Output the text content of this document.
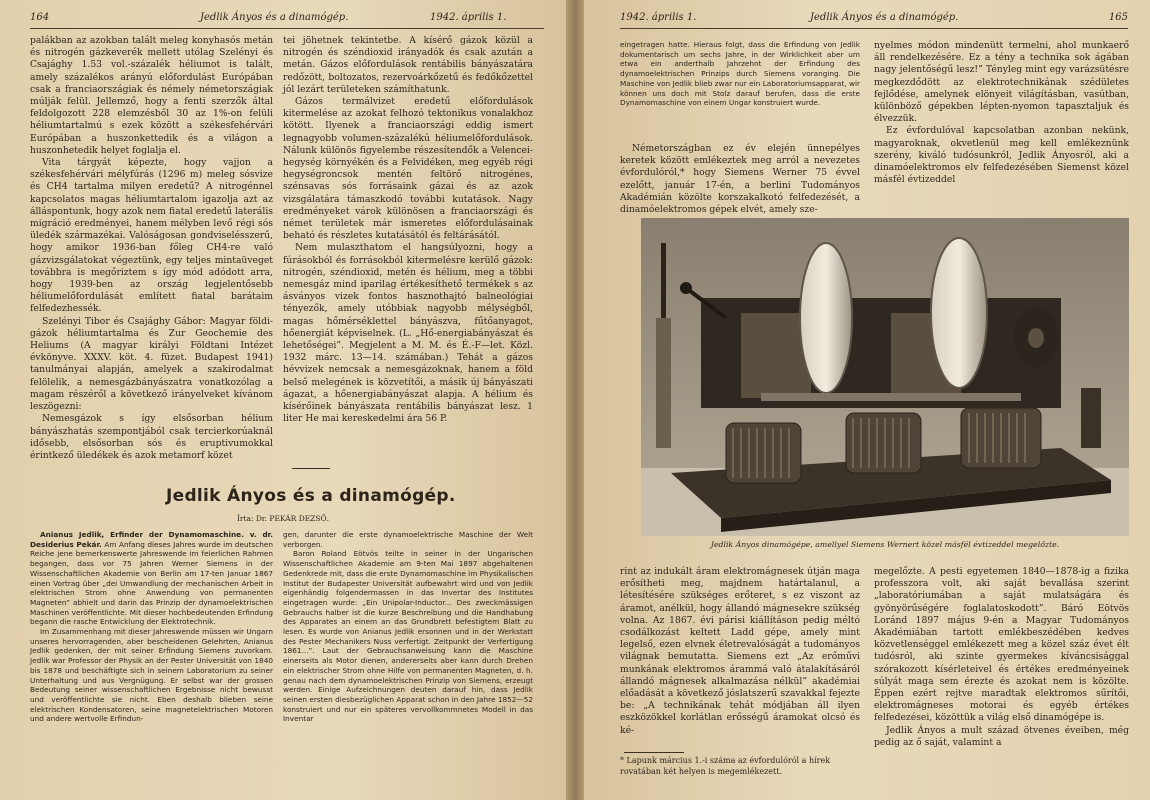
164	Jedlik Ányos és a dinamógép.	1942. április 1.

palákban az azokban talált meleg konyhasós metán és nitrogén gázkeverék mellett utólag Szelényi és Csajághy 1.53 vol.-százalék héliumot is talált, amely százalékos arányú előfordulást Európában csak a franciaországiak és némely németországiak múlják felül. Jellemző, hogy a fenti szerzők által feldolgozott 228 elemzésből 30 az 1%-on felüli héliumtartalmú s ezek között a székesfehérvári Európában a huszonkettedik és a világon a huszonhetedik helyet foglalja el.

Vita tárgyát képezte, hogy vajjon a székesfehérvári mélyfúrás (1296 m) meleg sósvize és CH4 tartalma milyen eredetű? A nitrogénnel kapcsolatos magas héliumtartalom igazolja azt az álláspontunk, hogy azok nem fiatal eredetű laterális migráció eredményei, hanem mélyben levő régi sós üledék származékai. Valóságosan gondviselésszerű, hogy amikor 1936-ban főleg CH4-re való gázvizsgálatokat végeztünk, egy teljes mintaüveget továbbra is megőriztem s így mód adódott arra, hogy 1939-ben az ország legjelentősebb héliumelőfordulását említett fiatal barátaim felfedezhessék.

Szelényi Tibor és Csajághy Gábor: Magyar földi-gázok héliumtartalma és Zur Geochemie des Heliums (A magyar királyi Földtani Intézet évkönyve. XXXV. köt. 4. füzet. Budapest 1941) tanulmányai alapján, amelyek a szakirodalmat felölelik, a nemesgázbányászatra vonatkozólag a magam részéről a következő irányelveket kívánom leszögezni:

Nemesgázok s így elsősorban hélium bányászhatás szempontjából csak tercierkorúaknál idősebb, elsősorban sós és eruptivumokkal érintkező üledékek és azok metamorf közet

tei jöhetnek tekintetbe. A kísérő gázok közül a nitrogén és széndioxid irányadók és csak azután a metán. Gázos előfordulások rentábilis bányászatára redőzött, boltozatos, rezervoárkőzetű és fedőkőzettel jól lezárt területeken számíthatunk.

Gázos termálvizet eredetű előfordulások kitermelése az azokat felhozó tektonikus vonalakhoz kötött. Ilyenek a franciaországi eddig ismert legnagyobb volumen-százalékú héliumelőfordulások. Nálunk különös figyelembe részesítendők a Velencei-hegység környékén és a Felvidéken, meg egyéb régi hegységroncsok mentén feltörő nitrogénes, szénsavas sós forrásaink gázai és az azok vizsgálatára támaszkodó további kutatások. Nagy eredményeket várok különösen a franciaországi és német területek már ismeretes előfordulásainak beható és részletes kutatásától és feltárásától.

Nem mulaszthatom el hangsúlyozni, hogy a fúrásokból és forrásokból kitermelésre kerülő gázok: nitrogén, széndioxid, metén és hélium, meg a többi nemesgáz mind iparilag értékesíthető termékek s az ásványos vizek fontos hasznothajtó balneológiai tényezők, amely utóbbiak nagyobb mélységből, magas hőmérséklettel bányászva, fűtőanyagot, hőenergiát képviselnek. (L. „Hő-energiabányászat és lehetőségei”. Megjelent a M. M. és É.-F—let. Közl. 1932 márc. 13—14. számában.) Tehát a gázos hévvizek nemcsak a nemesgázoknak, hanem a föld belső melegének is közvetítői, a másik új bányászati ágazat, a hőenergiabányászat alapja. A hélium és kísérőinek bányászata rentábilis bányászat lesz. 1 liter He mai kereskedelmi ára 56 P.

Jedlik Ányos és a dinamógép.
Írta: Dr. PEKÁR DEZSŐ.

Anianus Jedlik, Erfinder der Dynamomaschine. v. dr. Desiderius Pekár. Am Anfang dieses Jahres wurde im deutschen Reiche jene bemerkenswerte Jahreswende im feierlichen Rahmen begangen, dass vor 75 Jahren Werner Siemens in der Wissenschaftlichen Akademie von Berlin am 17-ten Januar 1867 einen Vortrag über „dei Umwandlung der mechanischen Arbeit in elektrischen Strom ohne Anwendung von permanenten Magneten” abhielt und darin das Prinzip der dynamoelektrischen Maschinen veröffentlichte. Mit dieser hochbedeutenden Erfindung begann die rasche Entwicklung der Elektrotechnik.

Im Zusammenhang mit dieser Jahreswende müssen wir Ungarn unseres hervorragenden, aber bescheidenen Gelehrten, Anianus Jedlik gedenken, der mit seiner Erfindung Siemens zuvorkam. Jedlik war Professor der Physik an der Pester Universität von 1840 bis 1878 und beschäftigte sich in seinem Laboratorium zu seiner Unterhaltung und aus Vergnügung. Er selbst war der grossen Bedeutung seiner wissenschaftlichen Ergebnisse nicht bewusst und veröffentlichte sie nicht. Eben deshalb blieben seine elektrischen Kondensatoren, seine magnetelektrischen Motoren und andere wertvolle Erfindun-

gen, darunter die erste dynamoelektrische Maschine der Welt verborgen.

Baron Roland Eötvös teilte in seiner in der Ungarischen Wissenschaftlichen Akademie am 9-ten Mai 1897 abgehaltenen Gedenkrede mit, dass die erste Dynamomaschine im Physikalischen Institut der Budapester Universität aufbewahrt wird und von Jedlik eigenhändig folgendermassen in das Invertar des Institutes eingetragen wurde: „Ein Unipolar-Inductor... Des zweckmässigen Gebrauchs halber ist die kurze Beschreibung und die Handhabung des Apparates an einem an das Grundbrett befestigtem Blatt zu lesen. Es wurde von Anianus Jedlik ersonnen und in der Werkstatt des Pester Mechanikers Nuss verfertigt. Zeitpunkt der Verfertigung 1861...”. Laut der Gebrauchsanweisung kann die Maschine einerseits als Motor dienen, andererseits aber kann durch Drehen ein elektrischer Strom ohne Hilfe von permanenten Magneten, d. h. genau nach dem dynamoelektrischen Prinzip von Siemens, erzeugt werden. Einige Aufzeichnungen deuten darauf hin, dass Jedlik seinen ersten diesbezüglichen Apparat schon in den Jahre 1852—52 konstruiert und nur ein späteres vervollkommnetes Modell in das Inventar

1942. április 1.	Jedlik Ányos és a dinamógép.	165

eingetragen hatte. Hieraus folgt, dass die Erfindung von Jedlik dokumentarisch um sechs Jahre, in der Wirklichkeit aber um etwa ein anderthalb Jahrzehnt der Erfindung des dynamoelektrischen Prinzips durch Siemens voranging. Die Maschine von Jedlik blieb zwar nur ein Laboratoriumsapparat, wir können uns doch mit Stolz darauf berufen, dass die erste Dynamomaschine von einem Ungar konstruiert wurde.

Németországban ez év elején ünnepélyes keretek között emlékeztek meg arról a nevezetes évfordulóról,* hogy Siemens Werner 75 évvel ezelőtt, január 17-én, a berlini Tudományos Akadémián közölte korszakalkotó felfedezését, a dinamóelektromos gépek elvét, amely sze-

nyelmes módon mindenütt termelni, ahol munkaerő áll rendelkezésére. Ez a tény a technika sok ágában nagy jelentőségű lesz!” Tényleg mint egy varázsütésre megkezdődött az elektrotechnikának szédületes fejlődése, amelynek elönyeit világításban, vasútban, különböző gépekben lépten-nyomon tapasztaljuk és élvezzük.

Ez évfordulóval kapcsolatban azonban nekünk, magyaroknak, okvetlenül meg kell emlékeznünk szerény, kiváló tudósunkról, Jedlik Ányosról, aki a dinamóelektromos elv felfedezésében Siemenst közel másfél évtizeddel

Jedlik Ányos dinamógépe, amellyel Siemens Wernert közel másfél évtizeddel megelőzte.

rint az indukált áram elektromágnesek útján maga erősítheti meg, majdnem határtalanul, a létesítésére szükséges erőteret, s ez viszont az áramot, anélkül, hogy állandó mágnesekre szükség volna. Az 1867. évi párisi kiállításon pedig méltó csodálkozást keltett Ladd gépe, amely mint legelső, ezen elvnek életrevalóságát a tudományos világnak bemutatta. Siemens ezt „Az erőművi munkának elektromos árammá való átalakításáról állandó mágnesek alkalmazása nélkül” akadémiai előadását a következő jóslatszerű szavakkal fejezte be: „A technikának tehát módjában áll ilyen eszközökkel korlátlan erősségű áramokat olcsó és ké-

* Lapunk március 1.-i száma az évfordulóról a hírek rovatában két helyen is megemlékezett.

megelőzte. A pesti egyetemen 1840—1878-ig a fizika professzora volt, aki saját bevallása szerint „laboratóriumában a saját mulatságára és gyönyörűségére foglalatoskodott”. Báró Eötvös Loránd 1897 május 9-én a Magyar Tudományos Akadémiában tartott emlékbeszédében kedves közvetlenséggel emlékezett meg a közel száz évet élt tudósról, aki szinte gyermekes kíváncsisággal szórakozott kísérleteivel és értékes eredményeinek súlyát maga sem érezte és azokat nem is közölte. Éppen ezért rejtve maradtak elektromos sűrítői, elektromágneses motorai és egyéb értékes felfedezései, közöttük a világ első dinamógépe is.

Jedlik Ányos a mult század ötvenes éveiben, még pedig az ő saját, valamint a
